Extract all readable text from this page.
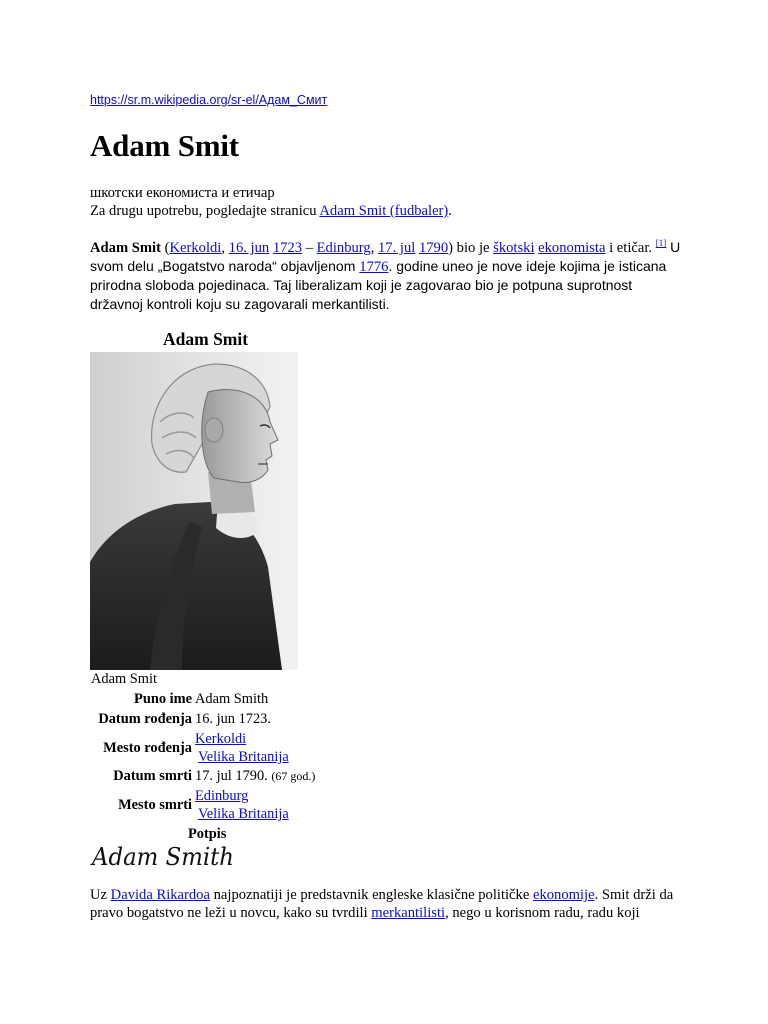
https://sr.m.wikipedia.org/sr-el/Адам_Смит
Adam Smit
шкотски економиста и етичар
Za drugu upotrebu, pogledajte stranicu Adam Smit (fudbaler).
Adam Smit (Kerkoldi, 16. jun 1723 – Edinburg, 17. jul 1790) bio je škotski ekonomista i etičar. [1] U svom delu „Bogatstvo naroda“ objavljenom 1776. godine uneo je nove ideje kojima je isticana prirodna sloboda pojedinaca. Taj liberalizam koji je zagovarao bio je potpuna suprotnost državnoj kontroli koju su zagovarali merkantilisti.
Adam Smit
Adam Smit
Puno ime Adam Smith
Datum rođenja 16. jun 1723.
Mesto rođenja
Kerkoldi
Velika Britanija
Datum smrti 17. jul 1790. (67 god.)
Mesto smrti
Edinburg
Velika Britanija
Potpis
Adam Smith
Uz Davida Rikardoa najpoznatiji je predstavnik engleske klasične političke ekonomije. Smit drži da pravo bogatstvo ne leži u novcu, kako su tvrdili merkantilisti, nego u korisnom radu, radu koji
